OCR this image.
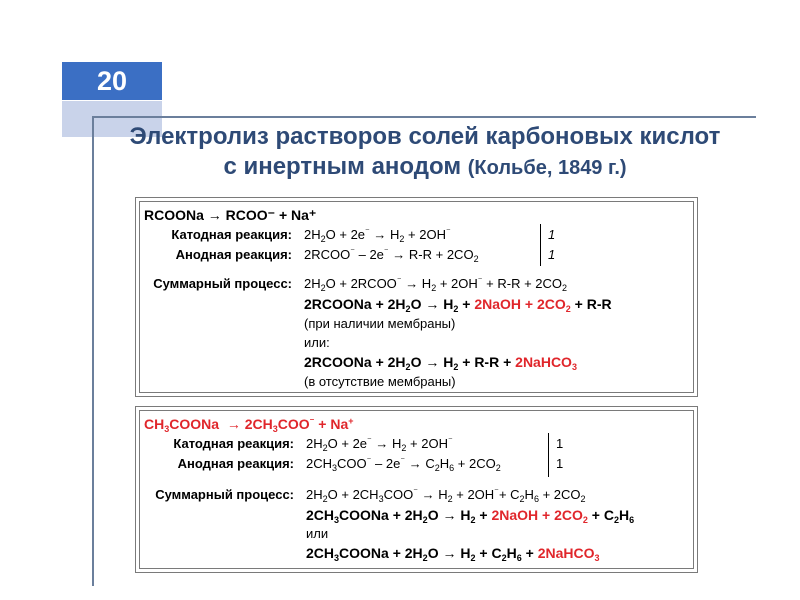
20
Электролиз растворов солей карбоновых кислот
с инертным анодом (Кольбе, 1849 г.)
RCOONa → RCOO⁻ + Na⁺
Катодная реакция: $2H_2O + 2e^{^-} \to H_2 + 2OH^{^-}$	1
Анодная реакция: 2RCOO⁻ – $2e^{^-} \to R-R + 2CO_2$	1
Суммарный процесс: $2H_2O$ + 2RCOO⁻ → $H_2 + 2OH^{^-} + R-R + 2CO_2$
2RCOONa + $2H_2O \to H_2$ + 2NaOH + $2CO_2 + R-R$
(при наличии мембраны)
или:
2RCOONa + $2H_2O \to H_2 + R-R$ + 2NaHCO$_3$
(в отсутствие мембраны)
$CH_3COONa \to 2CH_3COO^{^-} + Na^+$
Катодная реакция: $2H_2O + 2e^{^-} \to H_2 + 2OH^{^-}$	1
Анодная реакция: $2CH_3COO^{^-} - 2e^{^-} \to C_2H_6 + 2CO_2$	1
Суммарный процесс: $2H_2O + 2CH_3COO^{^-} \to H_2 + 2OH^{^-}+ C_2H_6 + 2CO_2$
$2CH_3COONa + 2H_2O \to H_2$ + 2NaOH + $2CO_2 + C_2H_6$
или
$2CH_3COONa + 2H_2O \to H_2 + C_2H_6$ + 2NaHCO$_3$
